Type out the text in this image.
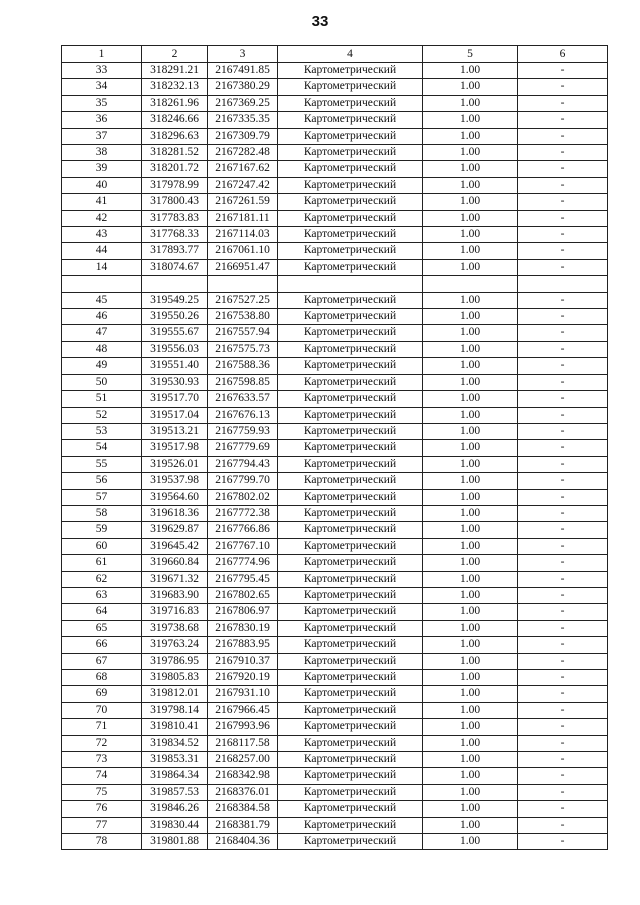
33
1	2	3	4	5	6
33	318291.21	2167491.85	Картометрический	1.00	-
34	318232.13	2167380.29	Картометрический	1.00	-
35	318261.96	2167369.25	Картометрический	1.00	-
36	318246.66	2167335.35	Картометрический	1.00	-
37	318296.63	2167309.79	Картометрический	1.00	-
38	318281.52	2167282.48	Картометрический	1.00	-
39	318201.72	2167167.62	Картометрический	1.00	-
40	317978.99	2167247.42	Картометрический	1.00	-
41	317800.43	2167261.59	Картометрический	1.00	-
42	317783.83	2167181.11	Картометрический	1.00	-
43	317768.33	2167114.03	Картометрический	1.00	-
44	317893.77	2167061.10	Картометрический	1.00	-
14	318074.67	2166951.47	Картометрический	1.00	-

45	319549.25	2167527.25	Картометрический	1.00	-
46	319550.26	2167538.80	Картометрический	1.00	-
47	319555.67	2167557.94	Картометрический	1.00	-
48	319556.03	2167575.73	Картометрический	1.00	-
49	319551.40	2167588.36	Картометрический	1.00	-
50	319530.93	2167598.85	Картометрический	1.00	-
51	319517.70	2167633.57	Картометрический	1.00	-
52	319517.04	2167676.13	Картометрический	1.00	-
53	319513.21	2167759.93	Картометрический	1.00	-
54	319517.98	2167779.69	Картометрический	1.00	-
55	319526.01	2167794.43	Картометрический	1.00	-
56	319537.98	2167799.70	Картометрический	1.00	-
57	319564.60	2167802.02	Картометрический	1.00	-
58	319618.36	2167772.38	Картометрический	1.00	-
59	319629.87	2167766.86	Картометрический	1.00	-
60	319645.42	2167767.10	Картометрический	1.00	-
61	319660.84	2167774.96	Картометрический	1.00	-
62	319671.32	2167795.45	Картометрический	1.00	-
63	319683.90	2167802.65	Картометрический	1.00	-
64	319716.83	2167806.97	Картометрический	1.00	-
65	319738.68	2167830.19	Картометрический	1.00	-
66	319763.24	2167883.95	Картометрический	1.00	-
67	319786.95	2167910.37	Картометрический	1.00	-
68	319805.83	2167920.19	Картометрический	1.00	-
69	319812.01	2167931.10	Картометрический	1.00	-
70	319798.14	2167966.45	Картометрический	1.00	-
71	319810.41	2167993.96	Картометрический	1.00	-
72	319834.52	2168117.58	Картометрический	1.00	-
73	319853.31	2168257.00	Картометрический	1.00	-
74	319864.34	2168342.98	Картометрический	1.00	-
75	319857.53	2168376.01	Картометрический	1.00	-
76	319846.26	2168384.58	Картометрический	1.00	-
77	319830.44	2168381.79	Картометрический	1.00	-
78	319801.88	2168404.36	Картометрический	1.00	-
